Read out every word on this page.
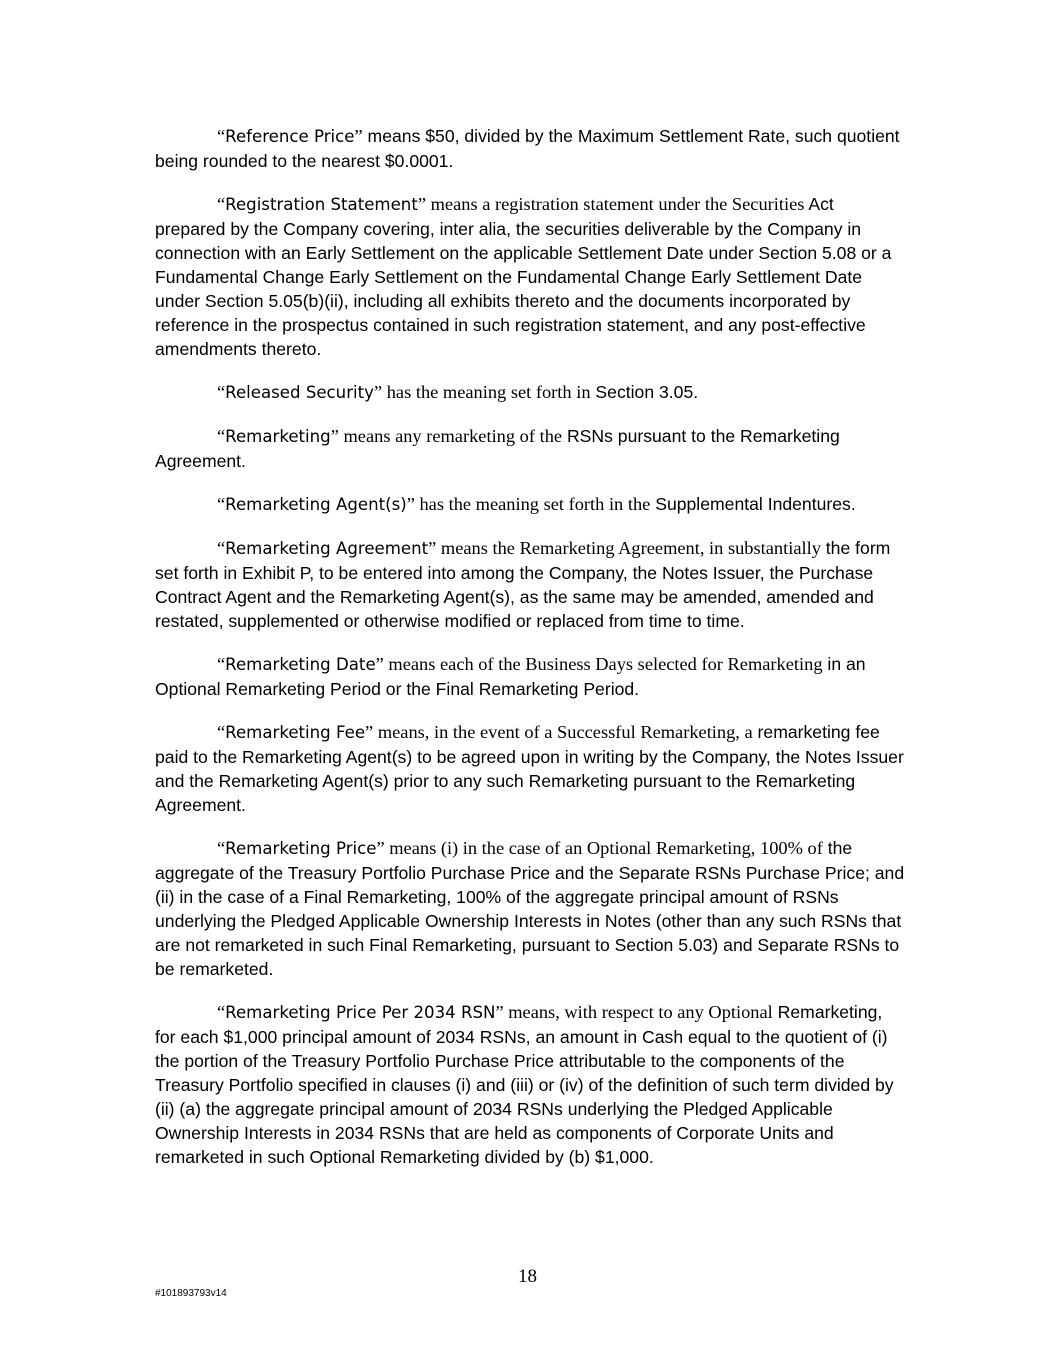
“Reference Price” means $50, divided by the Maximum Settlement Rate, such quotient being rounded to the nearest $0.0001.

“Registration Statement” means a registration statement under the Securities Act prepared by the Company covering, inter alia, the securities deliverable by the Company in connection with an Early Settlement on the applicable Settlement Date under Section 5.08 or a Fundamental Change Early Settlement on the Fundamental Change Early Settlement Date under Section 5.05(b)(ii), including all exhibits thereto and the documents incorporated by reference in the prospectus contained in such registration statement, and any post-effective amendments thereto.

“Released Security” has the meaning set forth in Section 3.05.

“Remarketing” means any remarketing of the RSNs pursuant to the Remarketing Agreement.

“Remarketing Agent(s)” has the meaning set forth in the Supplemental Indentures.

“Remarketing Agreement” means the Remarketing Agreement, in substantially the form set forth in Exhibit P, to be entered into among the Company, the Notes Issuer, the Purchase Contract Agent and the Remarketing Agent(s), as the same may be amended, amended and restated, supplemented or otherwise modified or replaced from time to time.

“Remarketing Date” means each of the Business Days selected for Remarketing in an Optional Remarketing Period or the Final Remarketing Period.

“Remarketing Fee” means, in the event of a Successful Remarketing, a remarketing fee paid to the Remarketing Agent(s) to be agreed upon in writing by the Company, the Notes Issuer and the Remarketing Agent(s) prior to any such Remarketing pursuant to the Remarketing Agreement.

“Remarketing Price” means (i) in the case of an Optional Remarketing, 100% of the aggregate of the Treasury Portfolio Purchase Price and the Separate RSNs Purchase Price; and (ii) in the case of a Final Remarketing, 100% of the aggregate principal amount of RSNs underlying the Pledged Applicable Ownership Interests in Notes (other than any such RSNs that are not remarketed in such Final Remarketing, pursuant to Section 5.03) and Separate RSNs to be remarketed.

“Remarketing Price Per 2034 RSN” means, with respect to any Optional Remarketing, for each $1,000 principal amount of 2034 RSNs, an amount in Cash equal to the quotient of (i) the portion of the Treasury Portfolio Purchase Price attributable to the components of the Treasury Portfolio specified in clauses (i) and (iii) or (iv) of the definition of such term divided by (ii) (a) the aggregate principal amount of 2034 RSNs underlying the Pledged Applicable Ownership Interests in 2034 RSNs that are held as components of Corporate Units and remarketed in such Optional Remarketing divided by (b) $1,000.

18
#101893793v14
